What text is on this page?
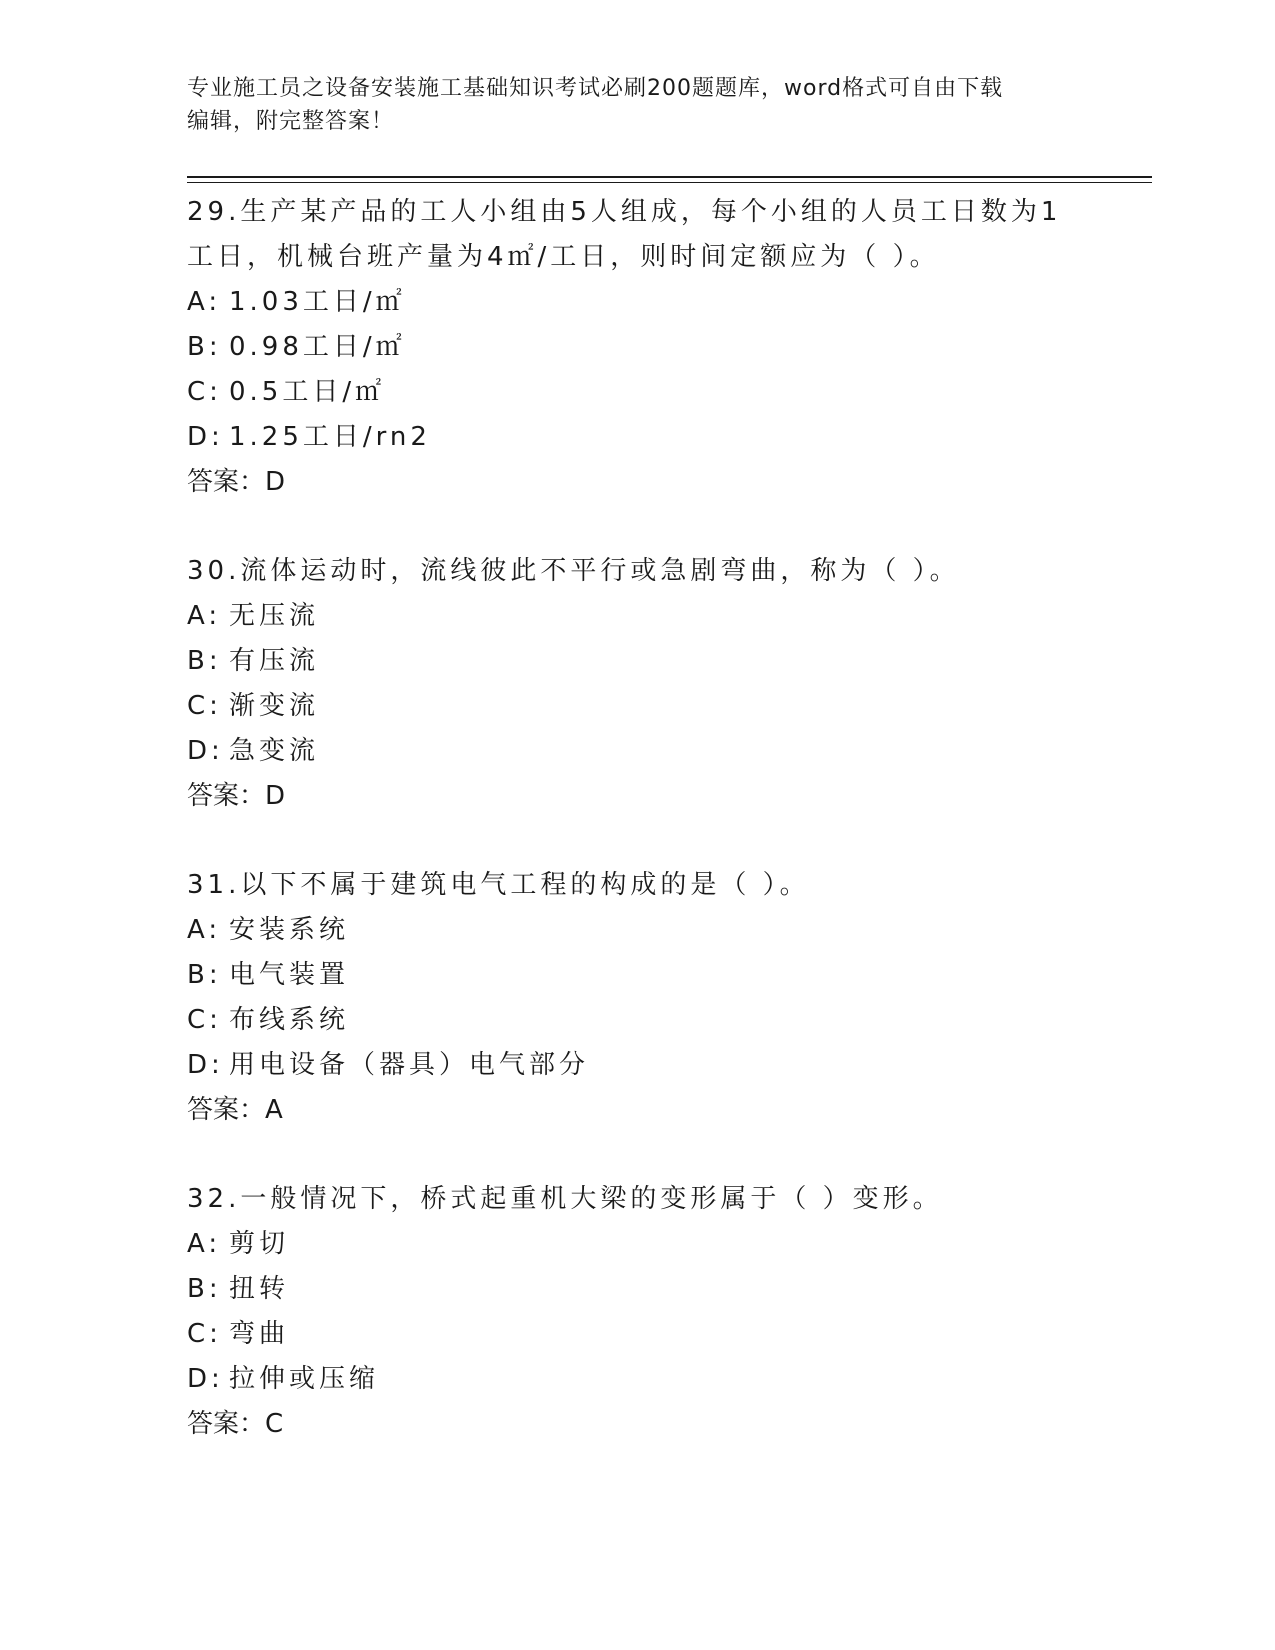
专业施工员之设备安装施工基础知识考试必刷200题题库，word格式可自由下载
编辑，附完整答案！

29.生产某产品的工人小组由5人组成，每个小组的人员工日数为1工日，机械台班产量为4㎡/工日，则时间定额应为（ ）。

A: 1.03工日/㎡

B: 0.98工日/㎡

C: 0.5工日/㎡

D: 1.25工日/rn2

答案：D

30.流体运动时，流线彼此不平行或急剧弯曲，称为（ ）。

A: 无压流

B: 有压流

C: 渐变流

D: 急变流

答案：D

31.以下不属于建筑电气工程的构成的是（ ）。

A: 安装系统

B: 电气装置

C: 布线系统

D: 用电设备（器具）电气部分

答案：A

32.一般情况下，桥式起重机大梁的变形属于（ ）变形。

A: 剪切

B: 扭转

C: 弯曲

D: 拉伸或压缩

答案：C
